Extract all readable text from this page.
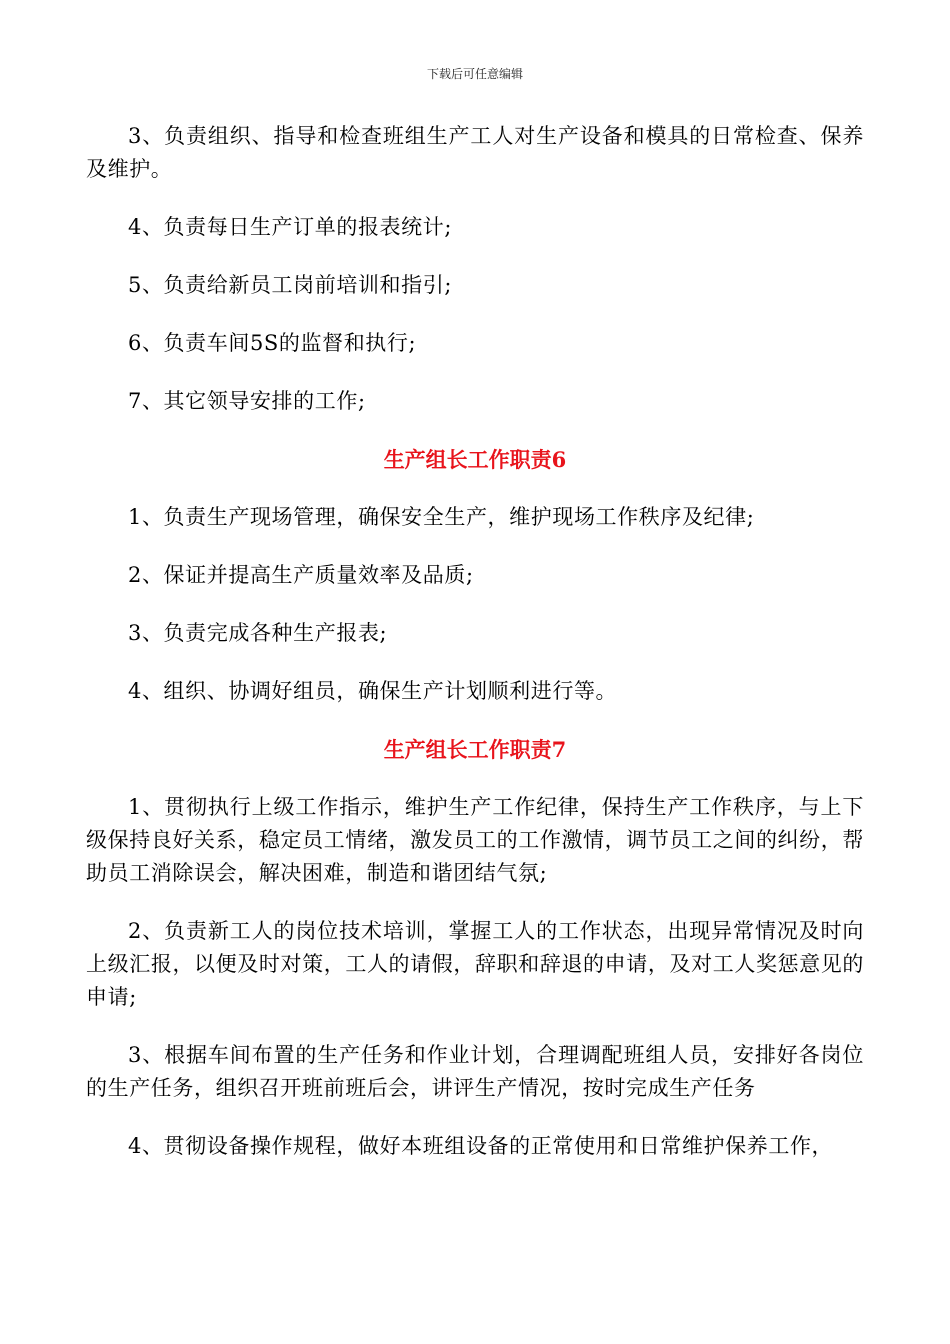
下载后可任意编辑

3、负责组织、指导和检查班组生产工人对生产设备和模具的日常检查、保养及维护。

4、负责每日生产订单的报表统计;

5、负责给新员工岗前培训和指引;

6、负责车间5S的监督和执行;

7、其它领导安排的工作;

生产组长工作职责6

1、负责生产现场管理，确保安全生产，维护现场工作秩序及纪律;

2、保证并提高生产质量效率及品质;

3、负责完成各种生产报表;

4、组织、协调好组员，确保生产计划顺利进行等。

生产组长工作职责7

1、贯彻执行上级工作指示，维护生产工作纪律，保持生产工作秩序，与上下级保持良好关系，稳定员工情绪，激发员工的工作激情，调节员工之间的纠纷，帮助员工消除误会，解决困难，制造和谐团结气氛;

2、负责新工人的岗位技术培训，掌握工人的工作状态，出现异常情况及时向上级汇报，以便及时对策，工人的请假，辞职和辞退的申请，及对工人奖惩意见的申请;

3、根据车间布置的生产任务和作业计划，合理调配班组人员，安排好各岗位的生产任务，组织召开班前班后会，讲评生产情况，按时完成生产任务

4、贯彻设备操作规程，做好本班组设备的正常使用和日常维护保养工作，
